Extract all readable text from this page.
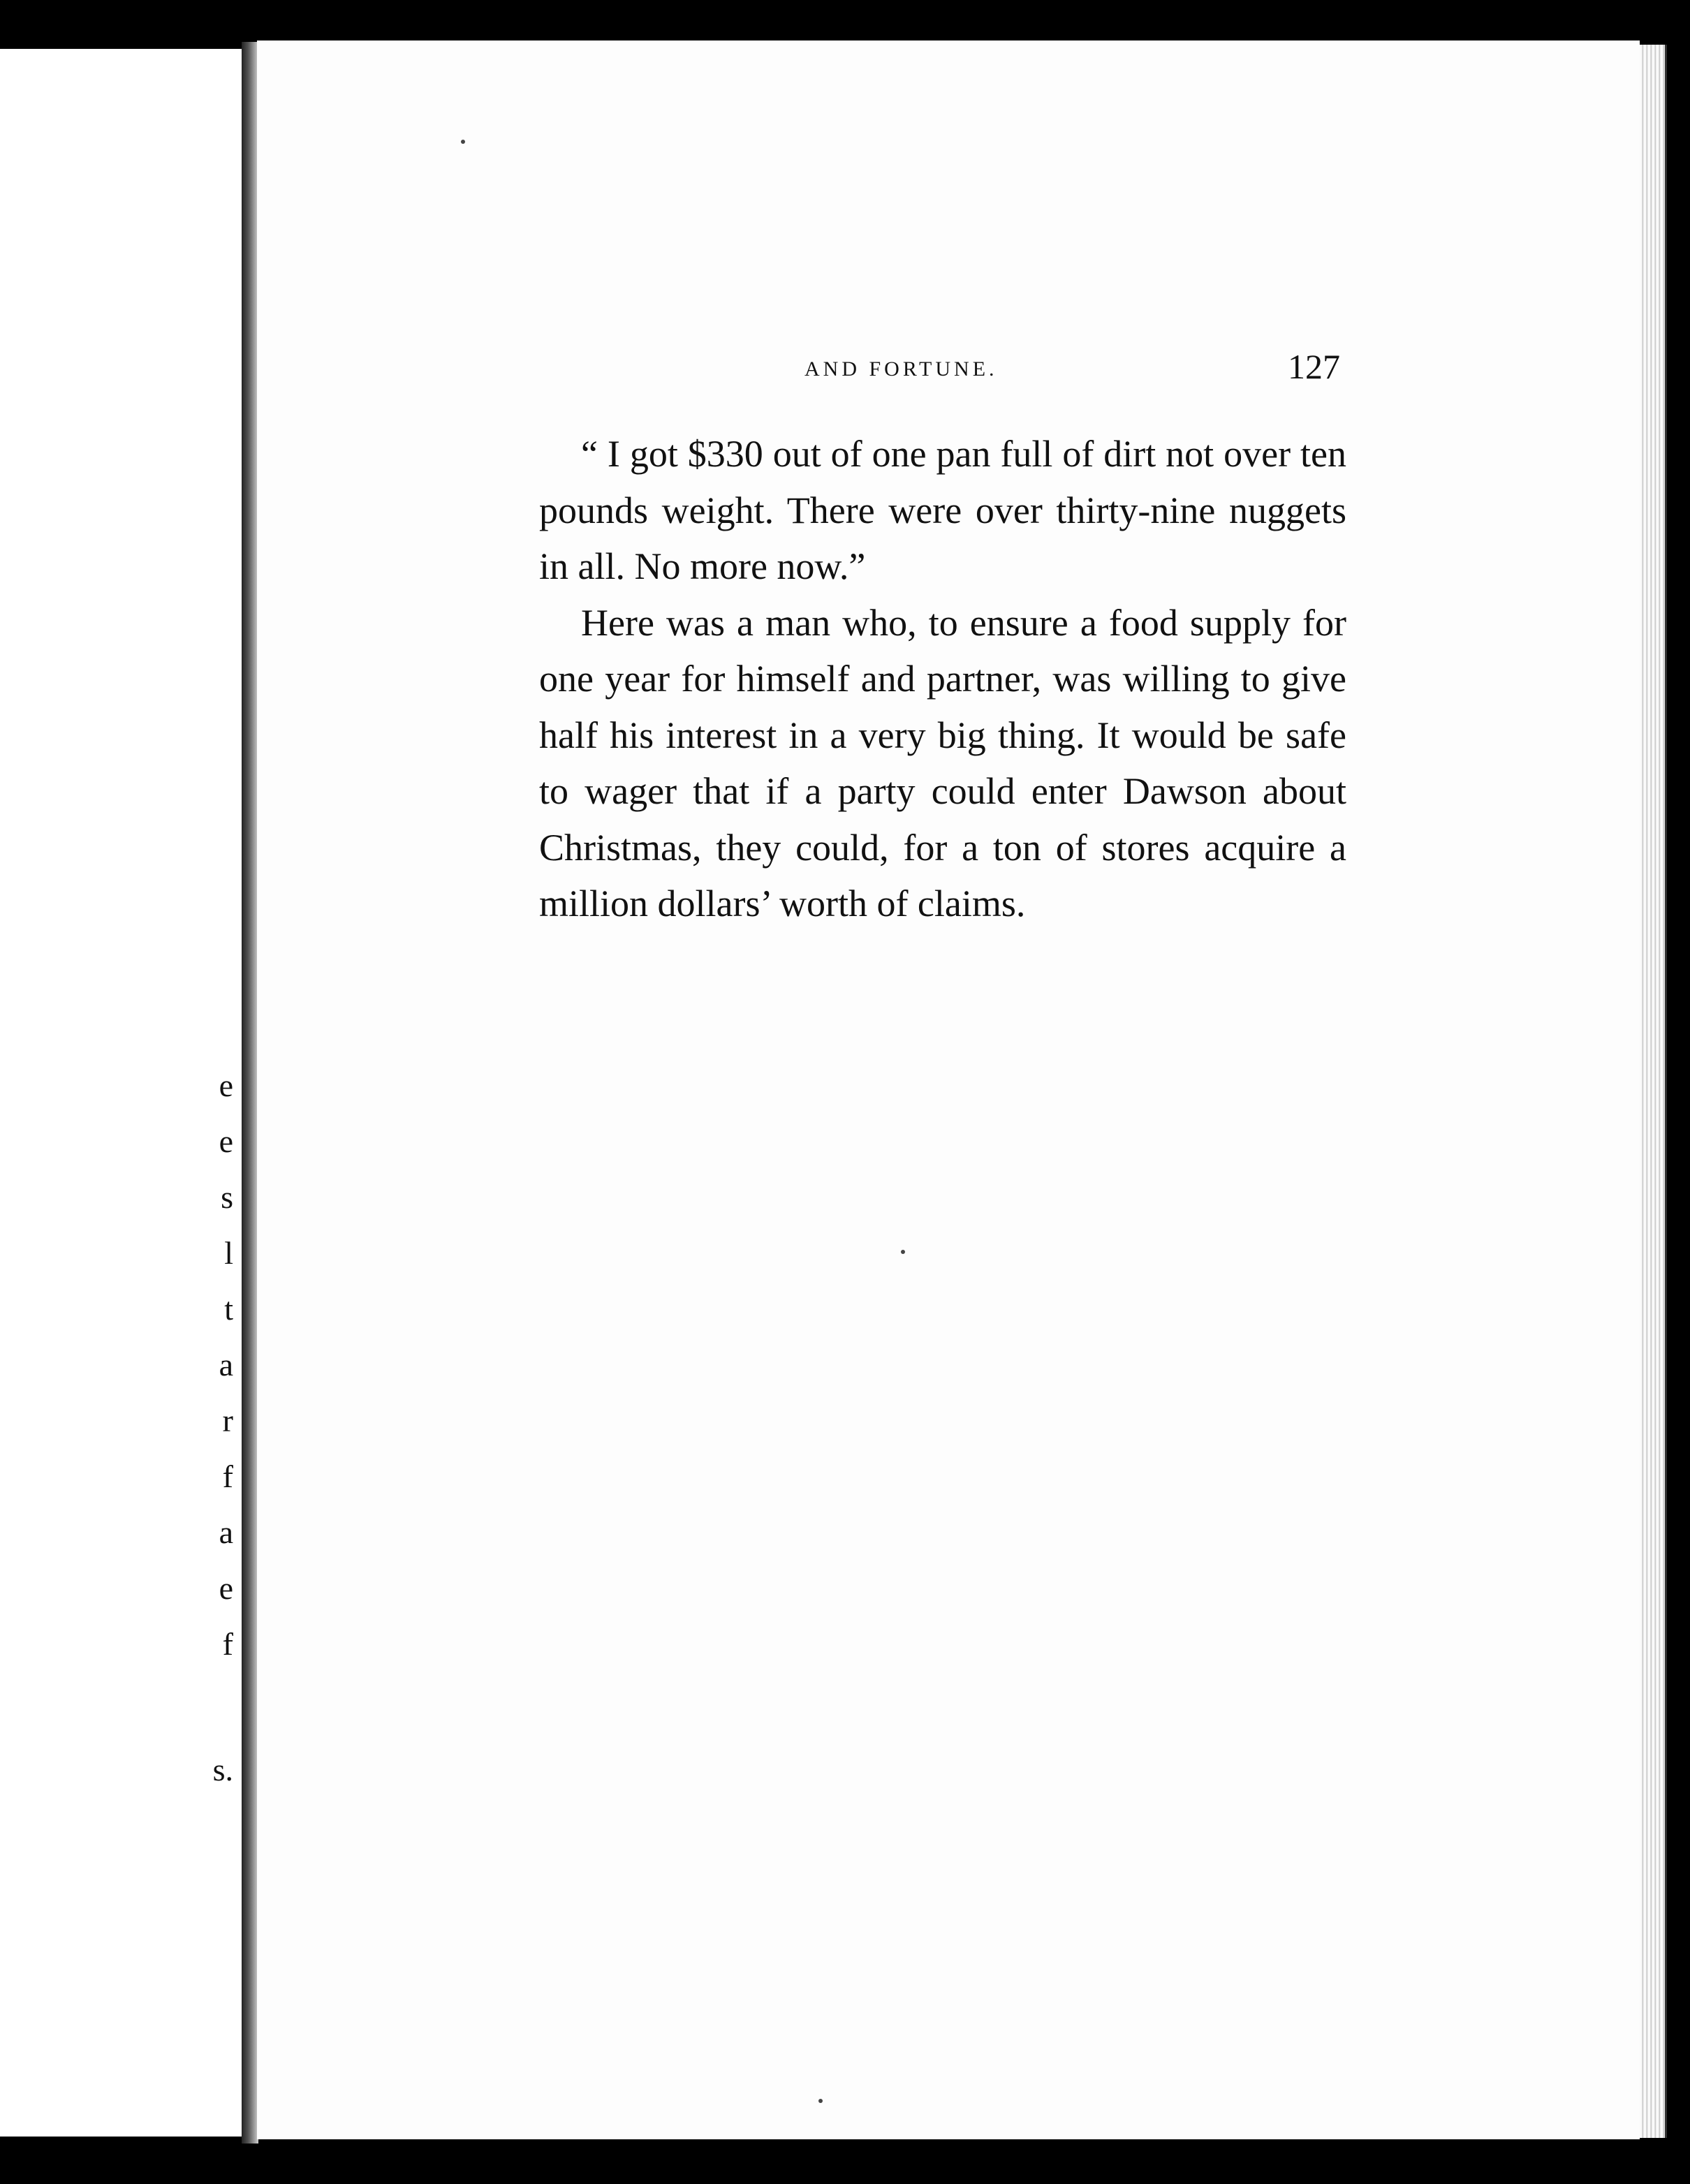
e
e
s
l
t
a
r
f
a
e
f
s.
AND FORTUNE.	127

“ I got $330 out of one pan full of dirt not over ten pounds weight. There were over thirty-nine nuggets in all. No more now.”

Here was a man who, to ensure a food supply for one year for himself and partner, was willing to give half his interest in a very big thing. It would be safe to wager that if a party could enter Dawson about Christmas, they could, for a ton of stores acquire a million dollars’ worth of claims.
